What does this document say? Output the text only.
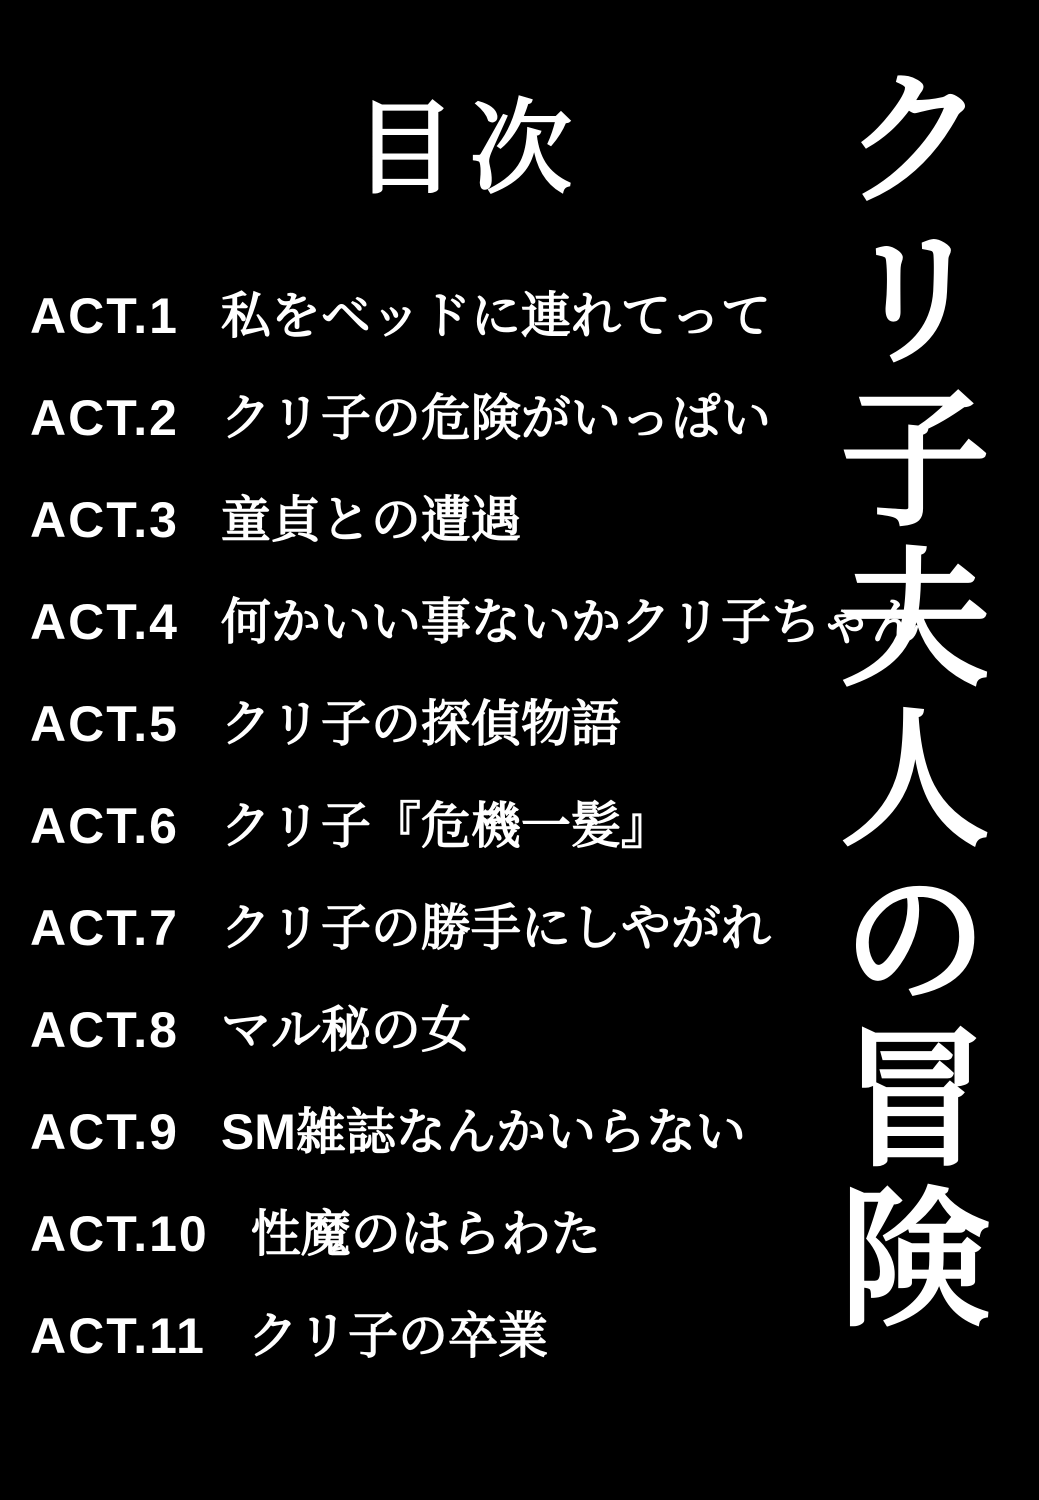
目次	クリ子夫人の冒険
ACT.1 私をベッドに連れてって
ACT.2 クリ子の危険がいっぱい
ACT.3 童貞との遭遇
ACT.4 何かいい事ないかクリ子ちゃん
ACT.5 クリ子の探偵物語
ACT.6 クリ子『危機一髪』
ACT.7 クリ子の勝手にしやがれ
ACT.8 マル秘の女
ACT.9 SM雑誌なんかいらない
ACT.10 性魔のはらわた
ACT.11 クリ子の卒業
